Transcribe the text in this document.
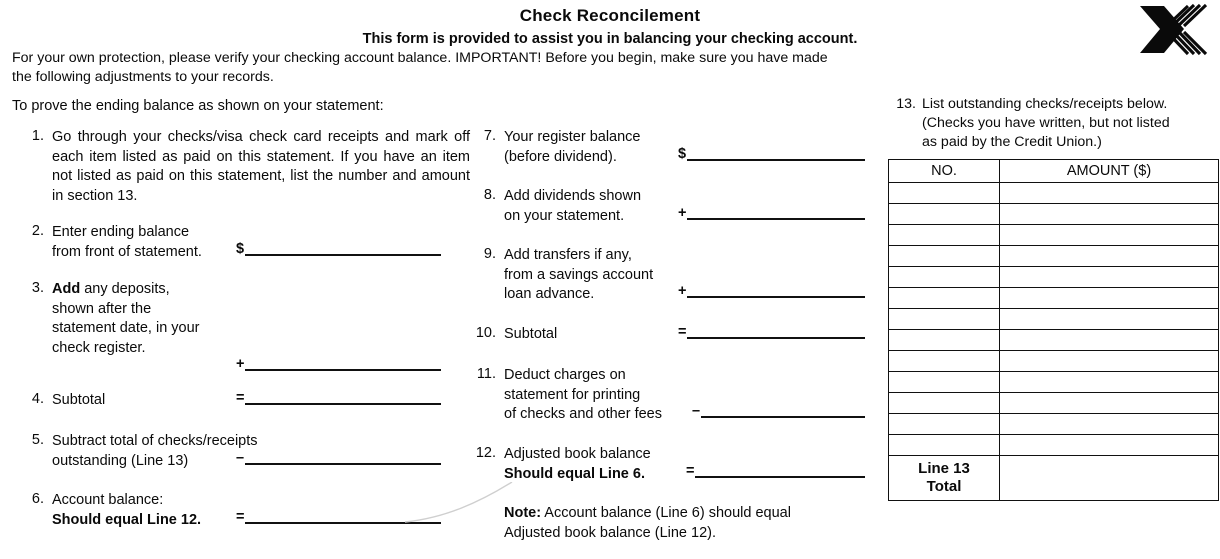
Check Reconcilement
This form is provided to assist you in balancing your checking account.
For your own protection, please verify your checking account balance. IMPORTANT! Before you begin, make sure you have made the following adjustments to your records.
To prove the ending balance as shown on your statement:
1. Go through your checks/visa check card receipts and mark off each item listed as paid on this statement. If you have an item not listed as paid on this statement, list the number and amount in section 13.
2. Enter ending balance
from front of statement.	$
3. Add any deposits,
shown after the
statement date, in your
check register.
+
4. Subtotal	=
5. Subtract total of checks/receipts
outstanding (Line 13)	–
6. Account balance:
Should equal Line 12.	=
7. Your register balance
(before dividend).	$
8. Add dividends shown
on your statement.	+
9. Add transfers if any,
from a savings account
loan advance.	+
10. Subtotal	=
11. Deduct charges on
statement for printing
of checks and other fees	–
12. Adjusted book balance
Should equal Line 6.	=
Note: Account balance (Line 6) should equal
Adjusted book balance (Line 12).
13. List outstanding checks/receipts below.
(Checks you have written, but not listed
as paid by the Credit Union.)
NO.	AMOUNT ($)

Line 13
Total	
